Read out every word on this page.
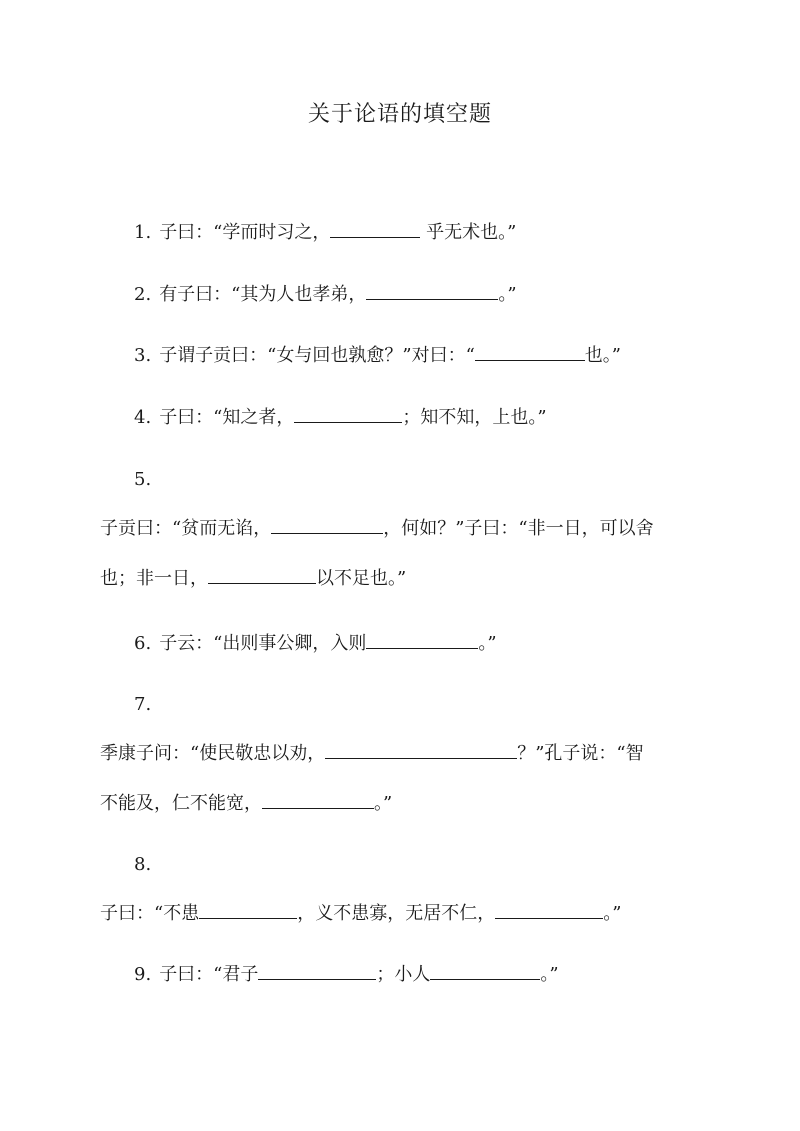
关于论语的填空题
1. 子曰：“学而时习之，	乎无术也。”
2. 有子曰：“其为人也孝弟，	。”
3. 子谓子贡曰：“女与回也孰愈？”对曰：“	也。”
4. 子曰：“知之者，	；知不知，上也。”
5.
子贡曰：“贫而无谄，	，何如？”子曰：“非一日，可以舍
也；非一日，	以不足也。”
6. 子云：“出则事公卿，入则	。”
7.
季康子问：“使民敬忠以劝，	？”孔子说：“智
不能及，仁不能宽，	。”
8.
子曰：“不患	，义不患寡，无居不仁，	。”
9. 子曰：“君子	；小人	。”
